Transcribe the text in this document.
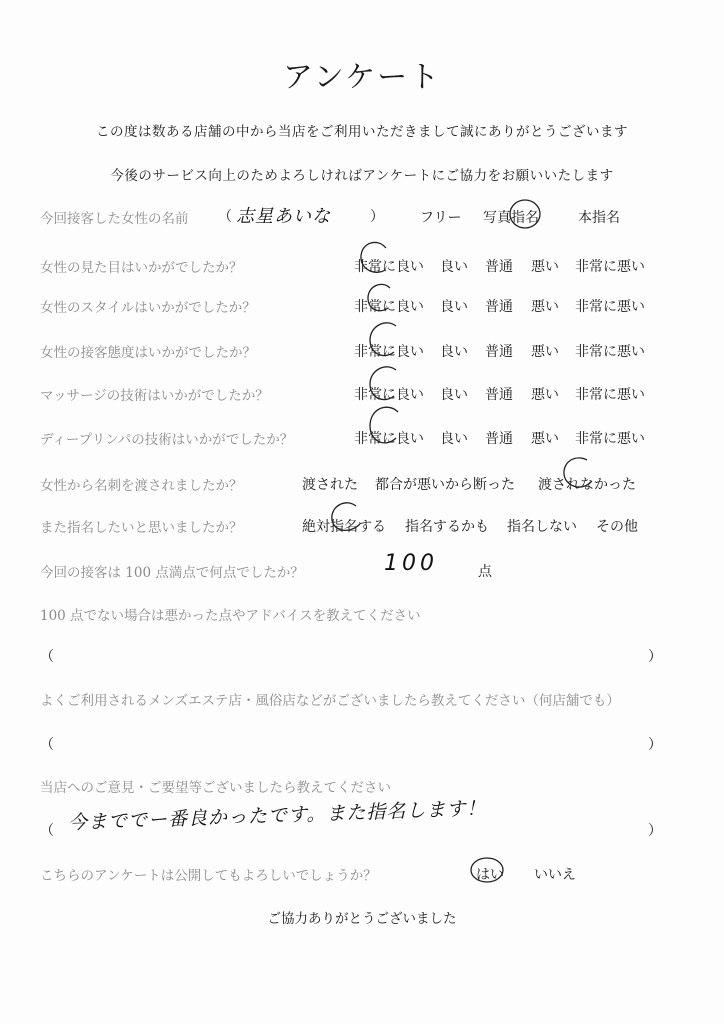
アンケート
この度は数ある店舗の中から当店をご利用いただきまして誠にありがとうございます
今後のサービス向上のためよろしければアンケートにご協力をお願いいたします
今回接客した女性の名前 （ 志星あいな	）	フリー 写真指名	本指名
女性の見た目はいかがでしたか？	非常に良い 良い 普通 悪い 非常に悪い
女性のスタイルはいかがでしたか？	非常に良い 良い 普通 悪い 非常に悪い
女性の接客態度はいかがでしたか？	非常に良い 良い 普通 悪い 非常に悪い
マッサージの技術はいかがでしたか？	非常に良い 良い 普通 悪い 非常に悪い
ディープリンパの技術はいかがでしたか？	非常に良い 良い 普通 悪い 非常に悪い
女性から名刺を渡されましたか？	渡された 都合が悪いから断った 渡されなかった
また指名したいと思いましたか？	絶対指名する 指名するかも 指名しない その他
今回の接客は 100 点満点で何点でしたか？	100	点
100 点でない場合は悪かった点やアドバイスを教えてください
（	）
よくご利用されるメンズエステ店・風俗店などがございましたら教えてください（何店舗でも）
（	）
当店へのご意見・ご要望等ございましたら教えてください
（ 今まででー番良かったです。また指名します！	）
こちらのアンケートは公開してもよろしいでしょうか？	はい いいえ
ご協力ありがとうございました
